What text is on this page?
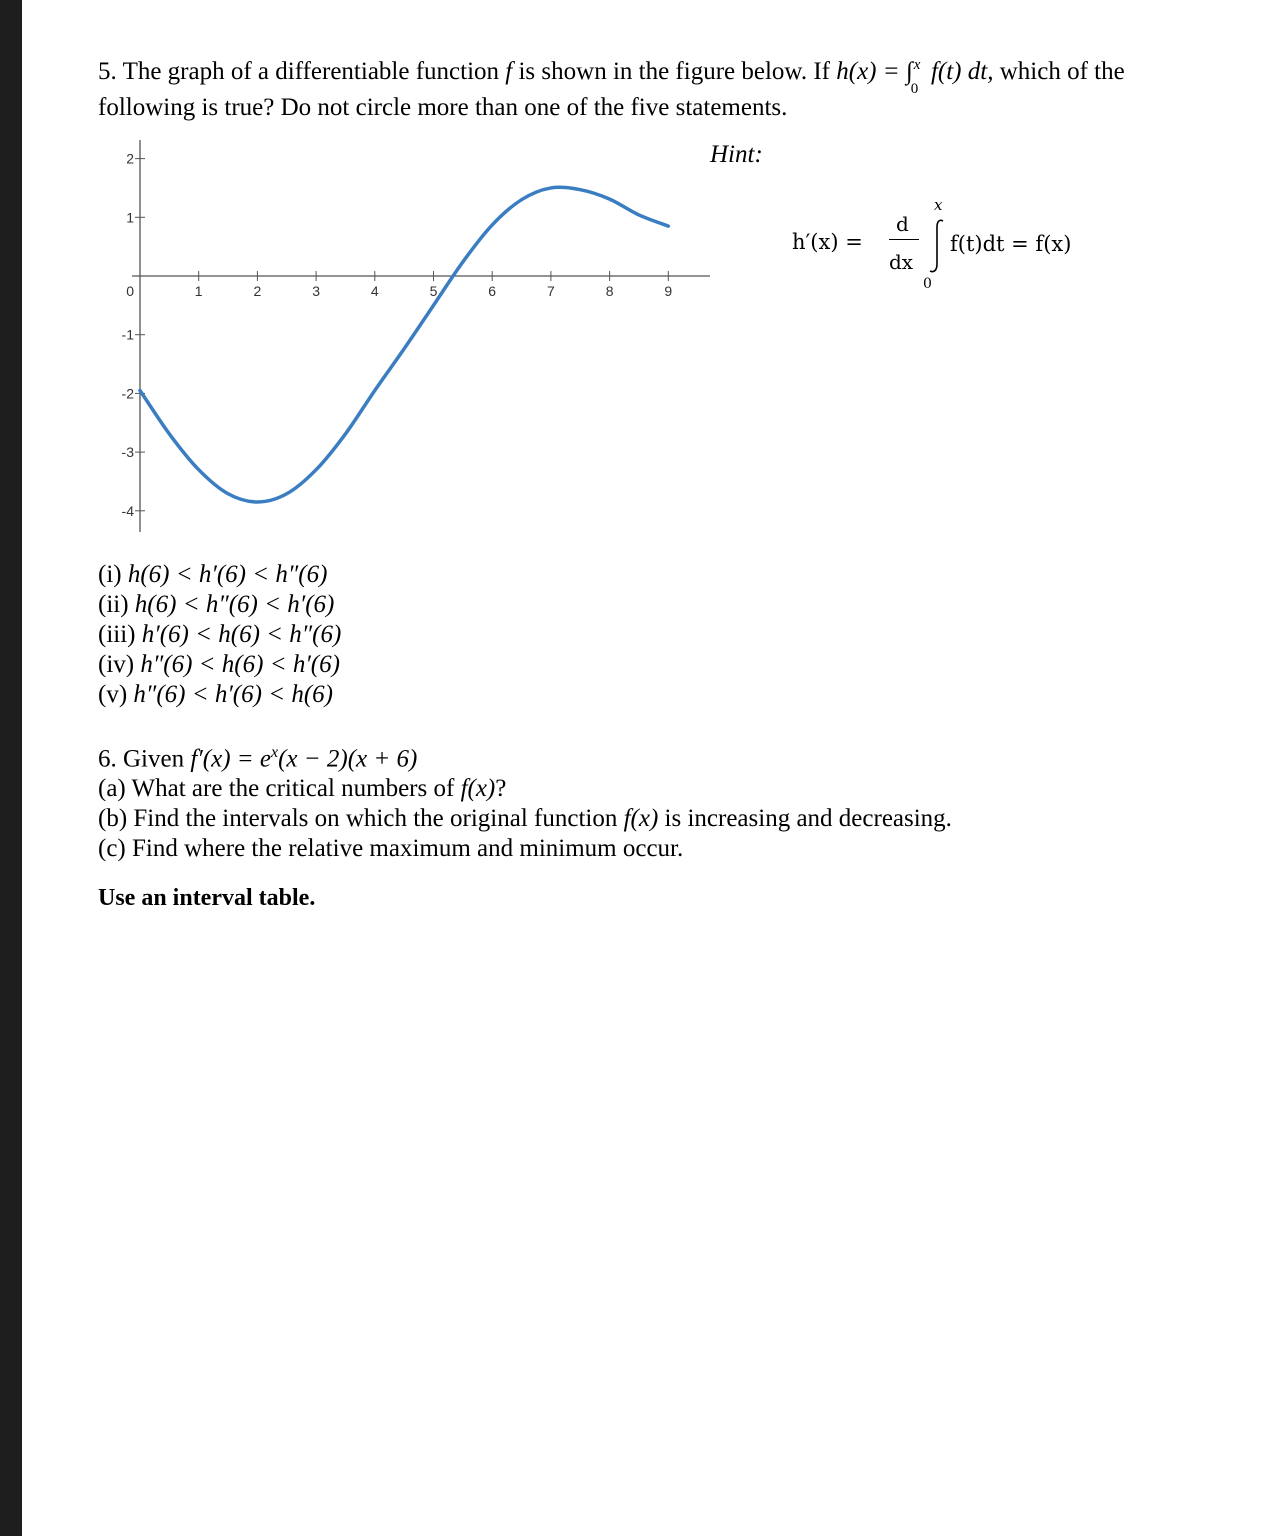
5. The graph of a differentiable function f is shown in the figure below. If h(x) = ∫ x
0
f(t) dt, which of the
following is true? Do not circle more than one of the five statements.
1	2	3	4	5	6	7	8	9
2
1
0
-1
-2
-3
-4
Hint:
h′(x) =
d
dx
x
0
f(t)dt = f(x)
(i) h(6) < h′(6) < h″(6)
(ii) h(6) < h″(6) < h′(6)
(iii) h′(6) < h(6) < h″(6)
(iv) h″(6) < h(6) < h′(6)
(v) h″(6) < h′(6) < h(6)
6. Given $f'(x) = e^x(x - 2)(x + 6)$
(a) What are the critical numbers of f(x)?
(b) Find the intervals on which the original function f(x) is increasing and decreasing.
(c) Find where the relative maximum and minimum occur.
Use an interval table.
